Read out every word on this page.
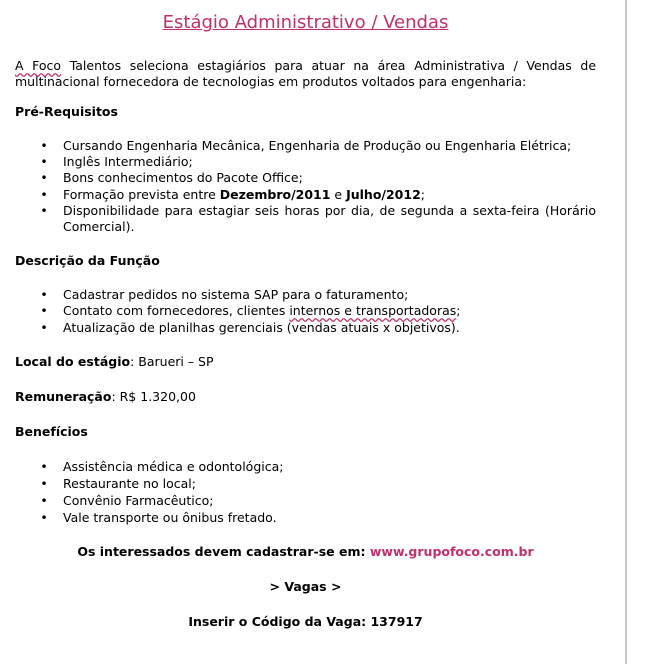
Estágio Administrativo / Vendas

A Foco Talentos seleciona estagiários para atuar na área Administrativa / Vendas de multinacional fornecedora de tecnologias em produtos voltados para engenharia:

Pré-Requisitos
• Cursando Engenharia Mecânica, Engenharia de Produção ou Engenharia Elétrica;
• Inglês Intermediário;
• Bons conhecimentos do Pacote Office;
• Formação prevista entre Dezembro/2011 e Julho/2012;
• Disponibilidade para estagiar seis horas por dia, de segunda a sexta-feira (Horário Comercial).
Descrição da Função
• Cadastrar pedidos no sistema SAP para o faturamento;
• Contato com fornecedores, clientes internos e transportadoras;
• Atualização de planilhas gerenciais (vendas atuais x objetivos).
Local do estágio: Barueri – SP
Remuneração: R$ 1.320,00
Benefícios
• Assistência médica e odontológica;
• Restaurante no local;
• Convênio Farmacêutico;
• Vale transporte ou ônibus fretado.
Os interessados devem cadastrar-se em: www.grupofoco.com.br
> Vagas >
Inserir o Código da Vaga: 137917
